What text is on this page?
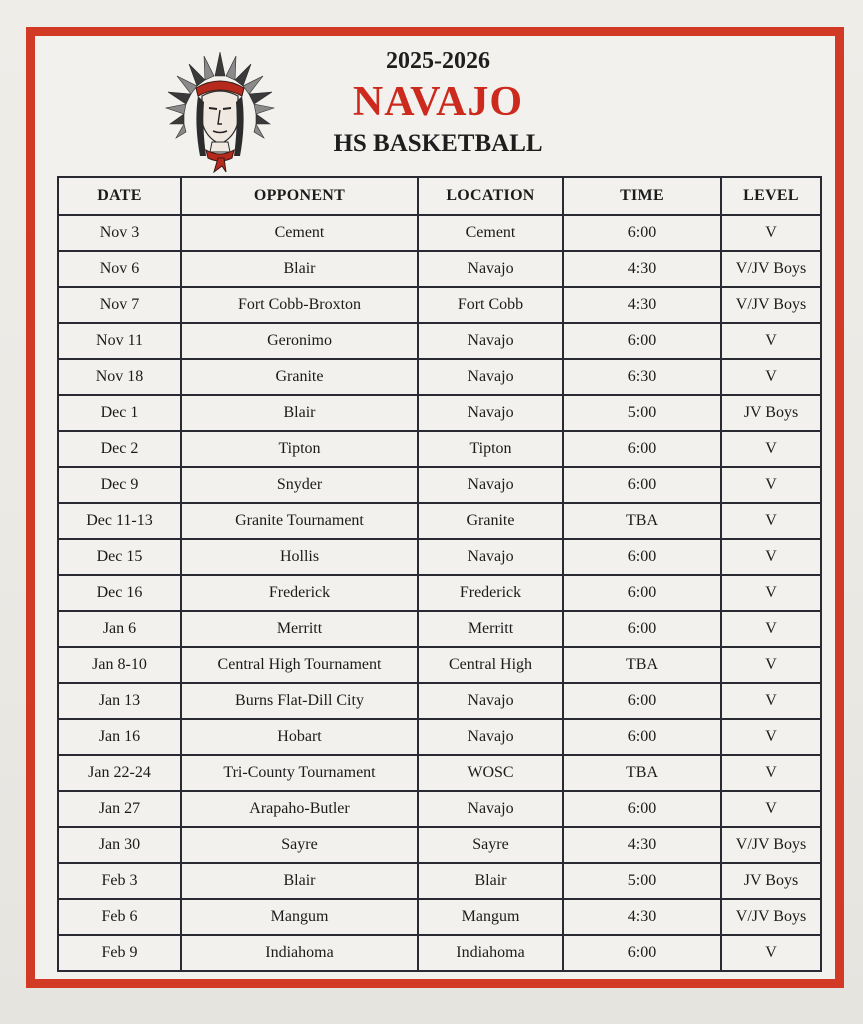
2025-2026
NAVAJO
HS BASKETBALL
DATE	OPPONENT	LOCATION	TIME	LEVEL
Nov 3	Cement	Cement	6:00	V
Nov 6	Blair	Navajo	4:30	V/JV Boys
Nov 7	Fort Cobb-Broxton	Fort Cobb	4:30	V/JV Boys
Nov 11	Geronimo	Navajo	6:00	V
Nov 18	Granite	Navajo	6:30	V
Dec 1	Blair	Navajo	5:00	JV Boys
Dec 2	Tipton	Tipton	6:00	V
Dec 9	Snyder	Navajo	6:00	V
Dec 11-13	Granite Tournament	Granite	TBA	V
Dec 15	Hollis	Navajo	6:00	V
Dec 16	Frederick	Frederick	6:00	V
Jan 6	Merritt	Merritt	6:00	V
Jan 8-10	Central High Tournament	Central High	TBA	V
Jan 13	Burns Flat-Dill City	Navajo	6:00	V
Jan 16	Hobart	Navajo	6:00	V
Jan 22-24	Tri-County Tournament	WOSC	TBA	V
Jan 27	Arapaho-Butler	Navajo	6:00	V
Jan 30	Sayre	Sayre	4:30	V/JV Boys
Feb 3	Blair	Blair	5:00	JV Boys
Feb 6	Mangum	Mangum	4:30	V/JV Boys
Feb 9	Indiahoma	Indiahoma	6:00	V
